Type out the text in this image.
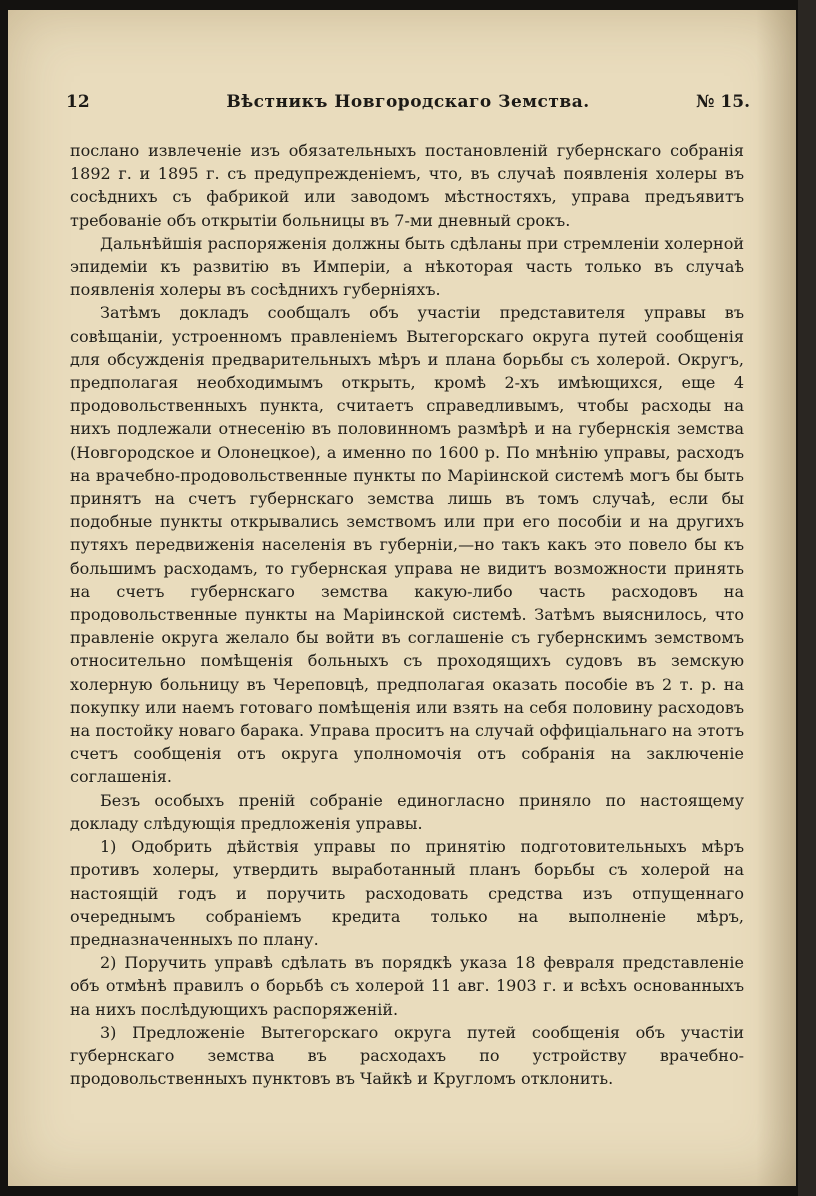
12	Вѣстникъ Новгородскаго Земства.	№ 15.

послано извлеченіе изъ обязательныхъ постановленій губернскаго собранія 1892 г. и 1895 г. съ предупрежденіемъ, что, въ случаѣ появленія холеры въ сосѣднихъ съ фабрикой или заводомъ мѣстностяхъ, управа предъявитъ требованіе объ открытіи больницы въ 7-ми дневный срокъ.

Дальнѣйшія распоряженія должны быть сдѣланы при стремленіи холерной эпидеміи къ развитію въ Имперіи, а нѣкоторая часть только въ случаѣ появленія холеры въ сосѣднихъ губерніяхъ.

Затѣмъ докладъ сообщалъ объ участіи представителя управы въ совѣщаніи, устроенномъ правленіемъ Вытегорскаго округа путей сообщенія для обсужденія предварительныхъ мѣръ и плана борьбы съ холерой. Округъ, предполагая необходимымъ открыть, кромѣ 2-хъ имѣющихся, еще 4 продовольственныхъ пункта, считаетъ справедливымъ, чтобы расходы на нихъ подлежали отнесенію въ половинномъ размѣрѣ и на губернскія земства (Новгородское и Олонецкое), а именно по 1600 р. По мнѣнію управы, расходъ на врачебно-продовольственные пункты по Маріинской системѣ могъ бы быть принятъ на счетъ губернскаго земства лишь въ томъ случаѣ, если бы подобные пункты открывались земствомъ или при его пособіи и на другихъ путяхъ передвиженія населенія въ губерніи,—но такъ какъ это повело бы къ большимъ расходамъ, то губернская управа не видитъ возможности принять на счетъ губернскаго земства какую-либо часть расходовъ на продовольственные пункты на Маріинской системѣ. Затѣмъ выяснилось, что правленіе округа желало бы войти въ соглашеніе съ губернскимъ земствомъ относительно помѣщенія больныхъ съ проходящихъ судовъ въ земскую холерную больницу въ Череповцѣ, предполагая оказать пособіе въ 2 т. р. на покупку или наемъ готоваго помѣщенія или взять на себя половину расходовъ на постойку новаго барака. Управа проситъ на случай оффиціальнаго на этотъ счетъ сообщенія отъ округа уполномочія отъ собранія на заключеніе соглашенія.

Безъ особыхъ преній собраніе единогласно приняло по настоящему докладу слѣдующія предложенія управы.

1) Одобрить дѣйствія управы по принятію подготовительныхъ мѣръ противъ холеры, утвердить выработанный планъ борьбы съ холерой на настоящій годъ и поручить расходовать средства изъ отпущеннаго очереднымъ собраніемъ кредита только на выполненіе мѣръ, предназначенныхъ по плану.

2) Поручить управѣ сдѣлать въ порядкѣ указа 18 февраля представленіе объ отмѣнѣ правилъ о борьбѣ съ холерой 11 авг. 1903 г. и всѣхъ основанныхъ на нихъ послѣдующихъ распоряженій.

3) Предложеніе Вытегорскаго округа путей сообщенія объ участіи губернскаго земства въ расходахъ по устройству врачебно-продовольственныхъ пунктовъ въ Чайкѣ и Кругломъ отклонить.
